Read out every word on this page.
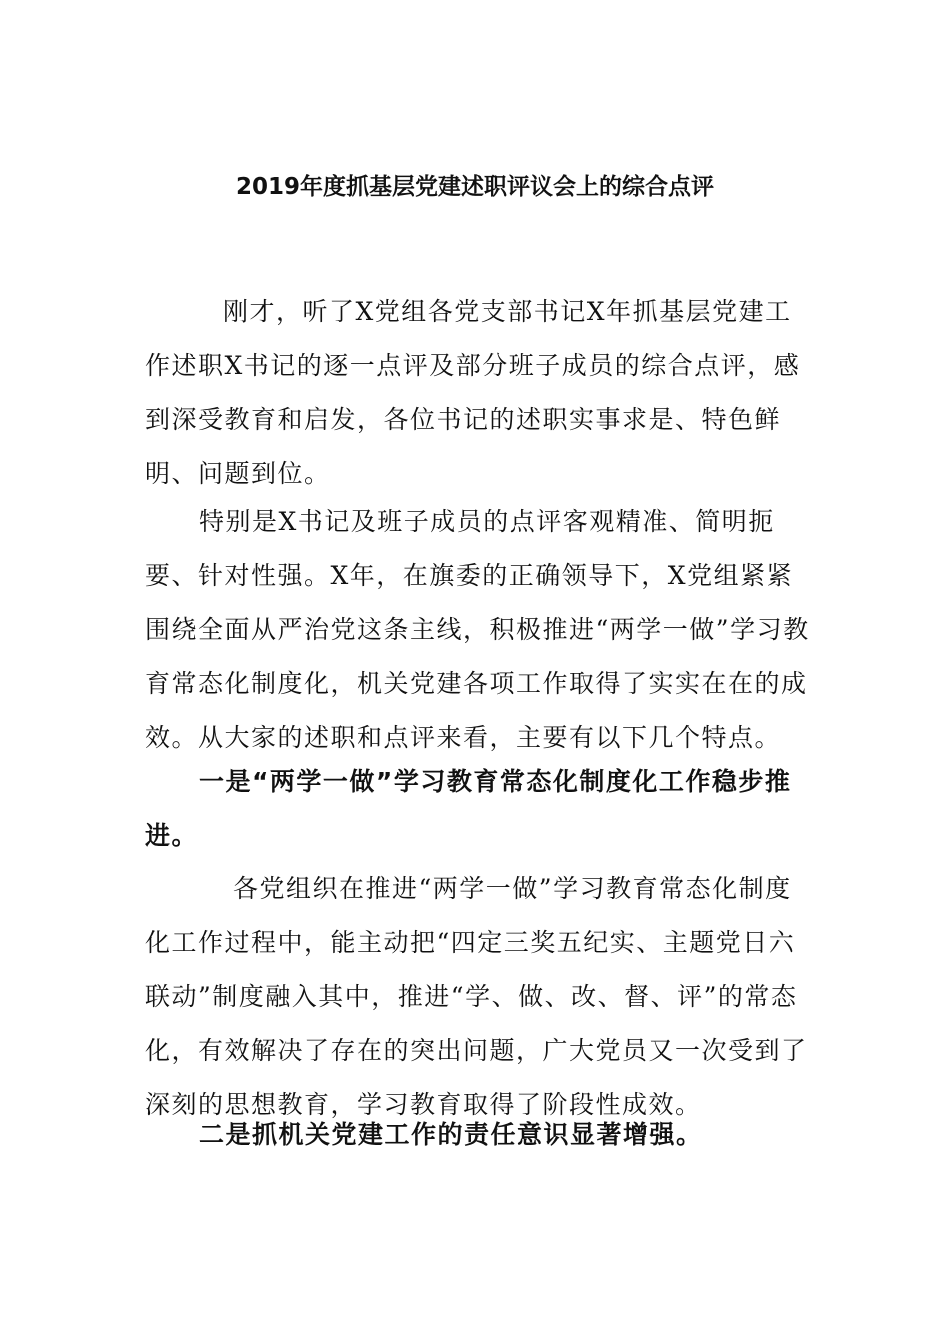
2019年度抓基层党建述职评议会上的综合点评

刚才，听了X党组各党支部书记X年抓基层党建工作述职X书记的逐一点评及部分班子成员的综合点评，感到深受教育和启发，各位书记的述职实事求是、特色鲜明、问题到位。

特别是X书记及班子成员的点评客观精准、简明扼要、针对性强。X年，在旗委的正确领导下，X党组紧紧围绕全面从严治党这条主线，积极推进“两学一做”学习教育常态化制度化，机关党建各项工作取得了实实在在的成效。从大家的述职和点评来看，主要有以下几个特点。

一是“两学一做”学习教育常态化制度化工作稳步推进。

各党组织在推进“两学一做”学习教育常态化制度化工作过程中，能主动把“四定三奖五纪实、主题党日六联动”制度融入其中，推进“学、做、改、督、评”的常态化，有效解决了存在的突出问题，广大党员又一次受到了深刻的思想教育，学习教育取得了阶段性成效。

二是抓机关党建工作的责任意识显著增强。
